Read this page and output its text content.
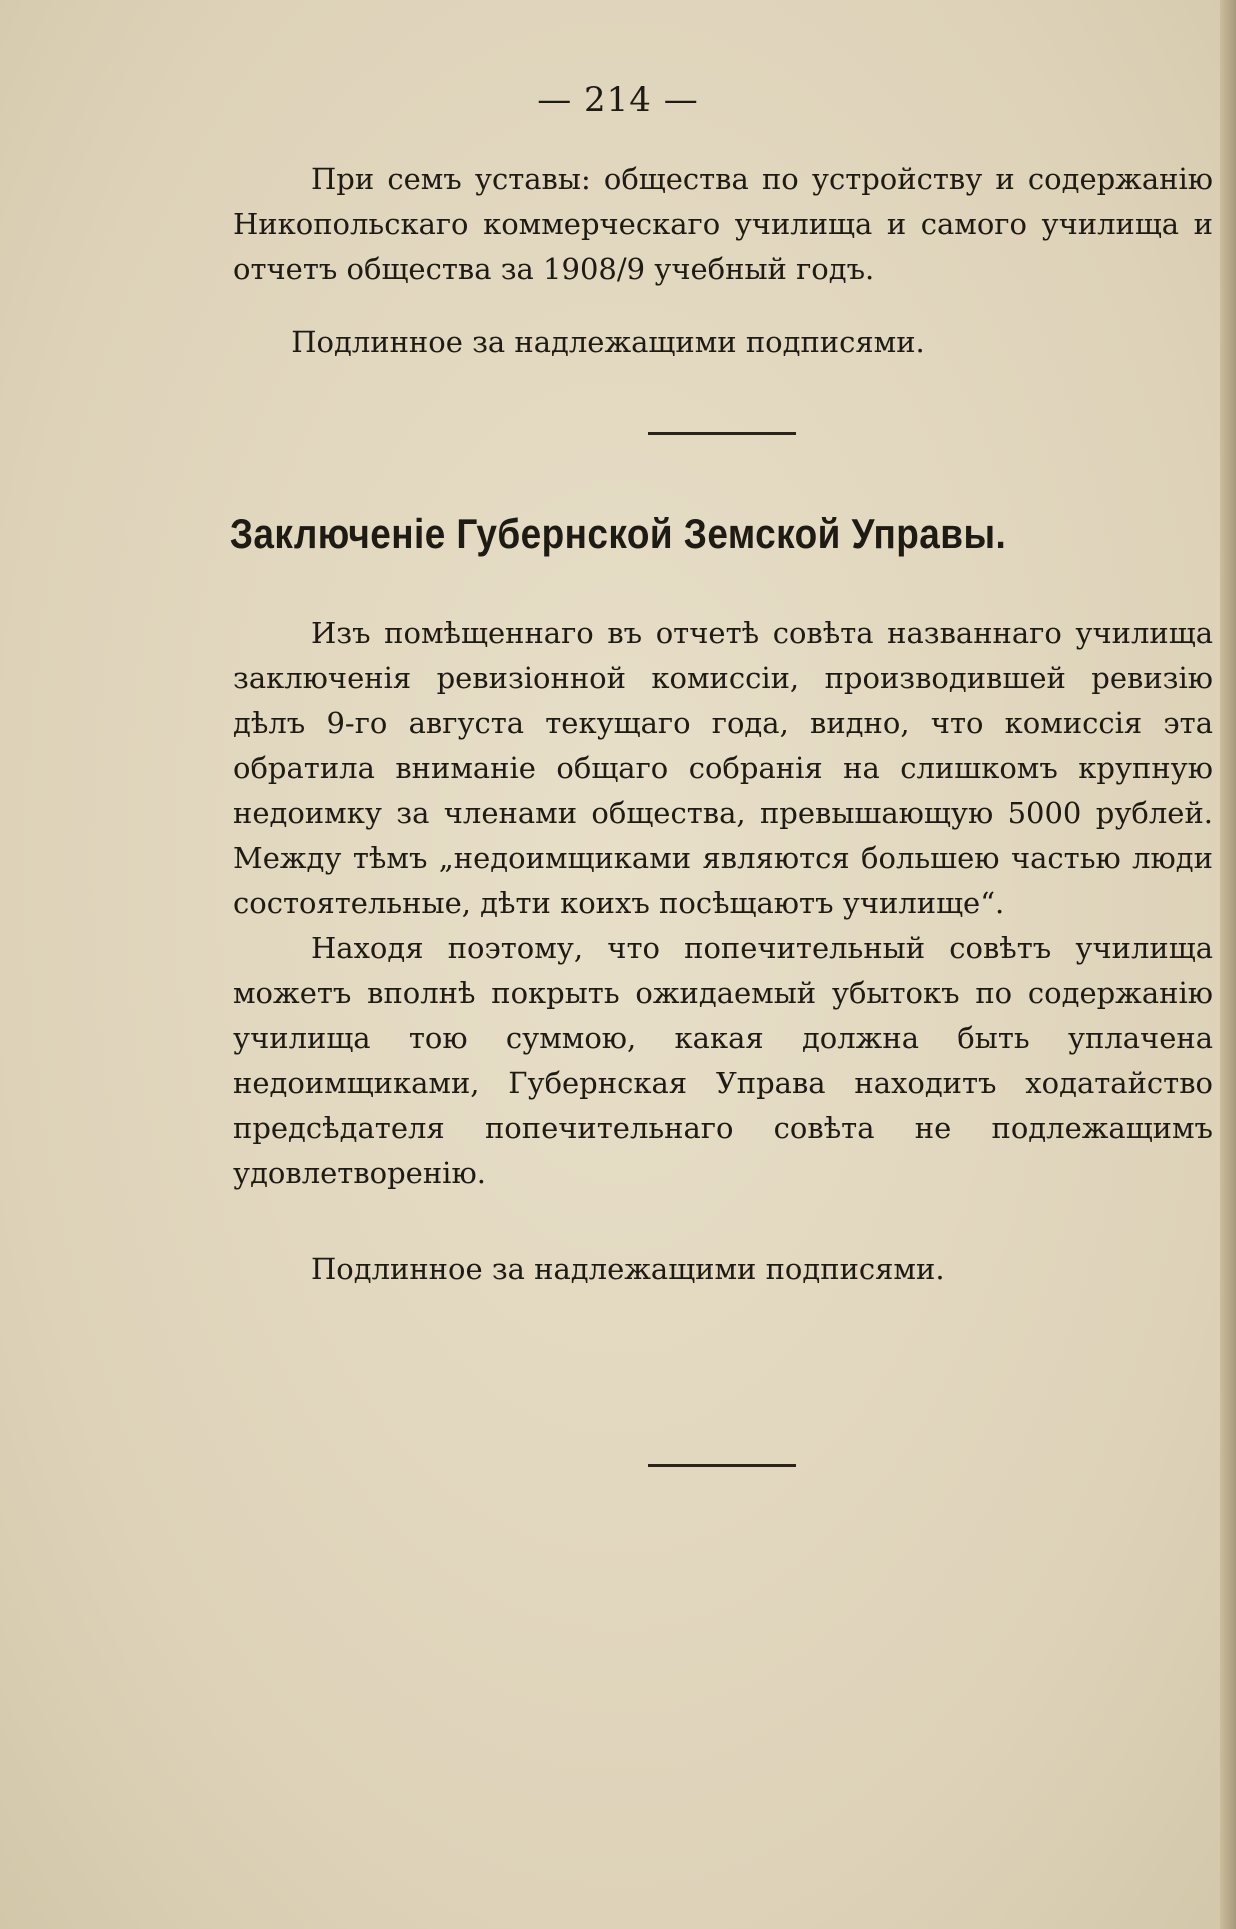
— 214 —

При семъ уставы: общества по устройству и содержанію Никопольскаго коммерческаго училища и самого училища и отчетъ общества за 1908/9 учебный годъ.

Подлинное за надлежащими подписями.
Заключеніе Губернской Земской Управы.

Изъ помѣщеннаго въ отчетѣ совѣта названнаго училища заключенія ревизіонной комиссіи, производившей ревизію дѣлъ 9-го августа текущаго года, видно, что комиссія эта обратила вниманіе общаго собранія на слишкомъ крупную недоимку за членами общества, превышающую 5000 рублей. Между тѣмъ „недоимщиками являются большею частью люди состоятельные, дѣти коихъ посѣщаютъ училище“.

Находя поэтому, что попечительный совѣтъ училища можетъ вполнѣ покрыть ожидаемый убытокъ по содержанію училища тою суммою, какая должна быть уплачена недоимщиками, Губернская Управа находитъ ходатайство предсѣдателя попечительнаго совѣта не подлежащимъ удовлетворенію.

Подлинное за надлежащими подписями.
